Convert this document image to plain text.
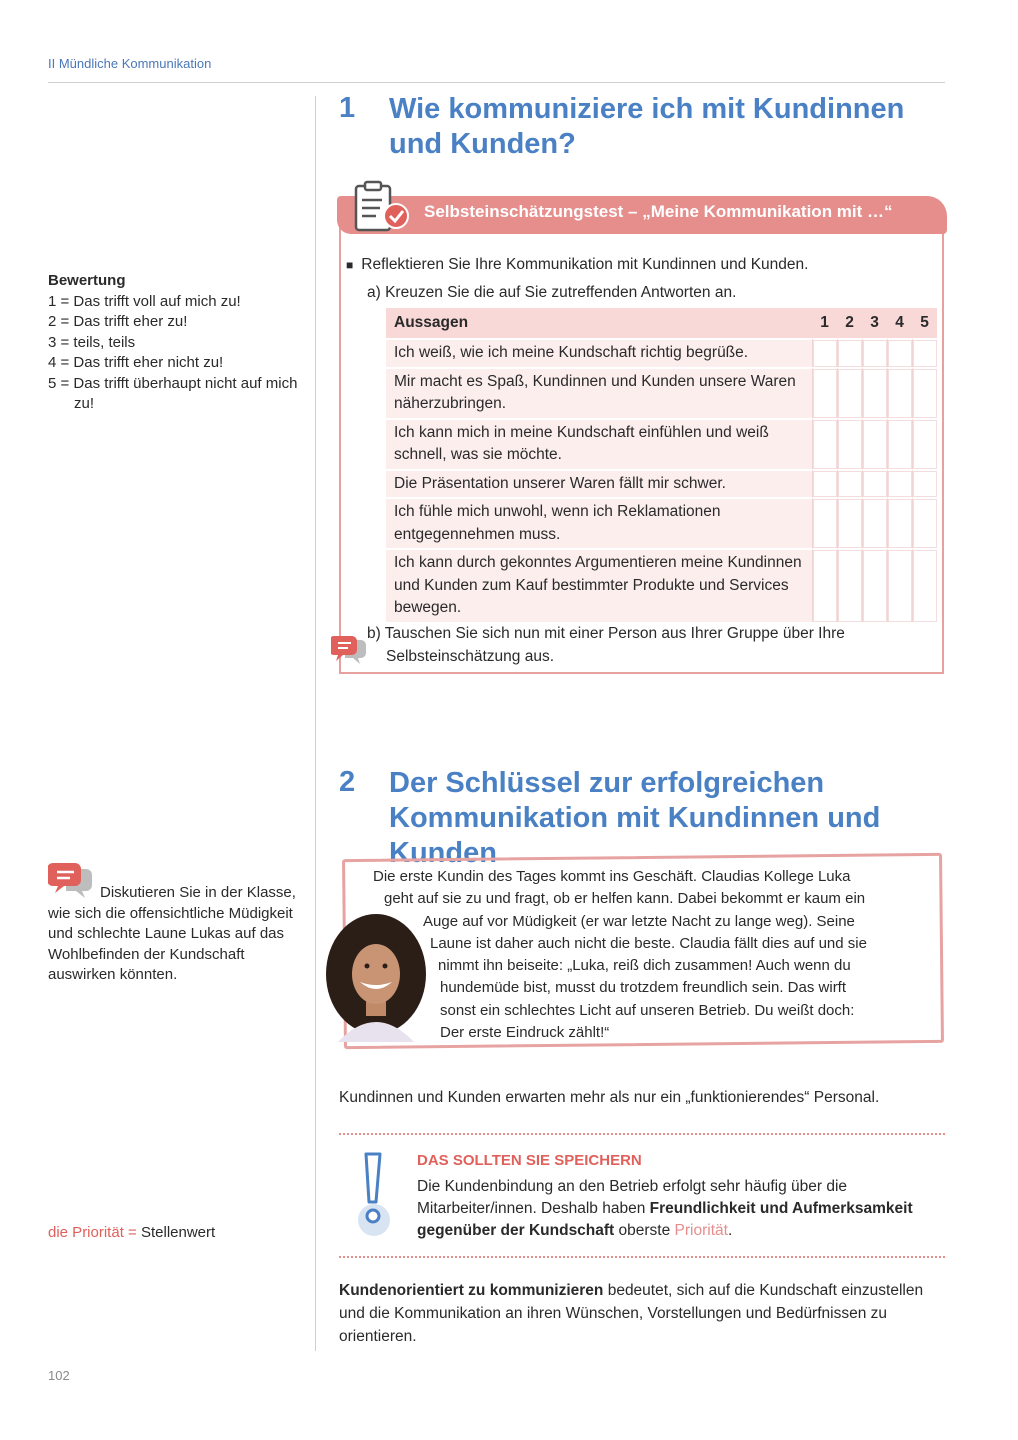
II Mündliche Kommunikation
1 Wie kommuniziere ich mit Kundinnen und Kunden?
Bewertung
1 = Das trifft voll auf mich zu!
2 = Das trifft eher zu!
3 = teils, teils
4 = Das trifft eher nicht zu!
5 = Das trifft überhaupt nicht auf mich zu!
Selbsteinschätzungstest – „Meine Kommunikation mit …“
■ Reflektieren Sie Ihre Kommunikation mit Kundinnen und Kunden.
a) Kreuzen Sie die auf Sie zutreffenden Antworten an.
Aussagen	1	2	3	4	5
Ich weiß, wie ich meine Kundschaft richtig begrüße.					
Mir macht es Spaß, Kundinnen und Kunden unsere Waren näherzubringen.					
Ich kann mich in meine Kundschaft einfühlen und weiß schnell, was sie möchte.					
Die Präsentation unserer Waren fällt mir schwer.					
Ich fühle mich unwohl, wenn ich Reklamationen entgegennehmen muss.					
Ich kann durch gekonntes Argumentieren meine Kundinnen und Kunden zum Kauf bestimmter Produkte und Services bewegen.					
b) Tauschen Sie sich nun mit einer Person aus Ihrer Gruppe über Ihre Selbsteinschätzung aus.
2 Der Schlüssel zur erfolgreichen Kommunikation mit Kundinnen und Kunden
Diskutieren Sie in der Klasse, wie sich die offensichtliche Müdigkeit und schlechte Laune Lukas auf das Wohlbefinden der Kundschaft auswirken könnten.
Die erste Kundin des Tages kommt ins Geschäft. Claudias Kollege Luka
geht auf sie zu und fragt, ob er helfen kann. Dabei bekommt er kaum ein
Auge auf vor Müdigkeit (er war letzte Nacht zu lange weg). Seine
Laune ist daher auch nicht die beste. Claudia fällt dies auf und sie
nimmt ihn beiseite: „Luka, reiß dich zusammen! Auch wenn du
hundemüde bist, musst du trotzdem freundlich sein. Das wirft
sonst ein schlechtes Licht auf unseren Betrieb. Du weißt doch:
Der erste Eindruck zählt!“
Kundinnen und Kunden erwarten mehr als nur ein „funktionierendes“ Personal.
DAS SOLLTEN SIE SPEICHERN
Die Kundenbindung an den Betrieb erfolgt sehr häufig über die Mitarbeiter/innen. Deshalb haben Freundlichkeit und Aufmerksamkeit gegenüber der Kundschaft oberste Priorität.
die Priorität = Stellenwert
Kundenorientiert zu kommunizieren bedeutet, sich auf die Kundschaft einzustellen und die Kommunikation an ihren Wünschen, Vorstellungen und Bedürfnissen zu orientieren.
102
